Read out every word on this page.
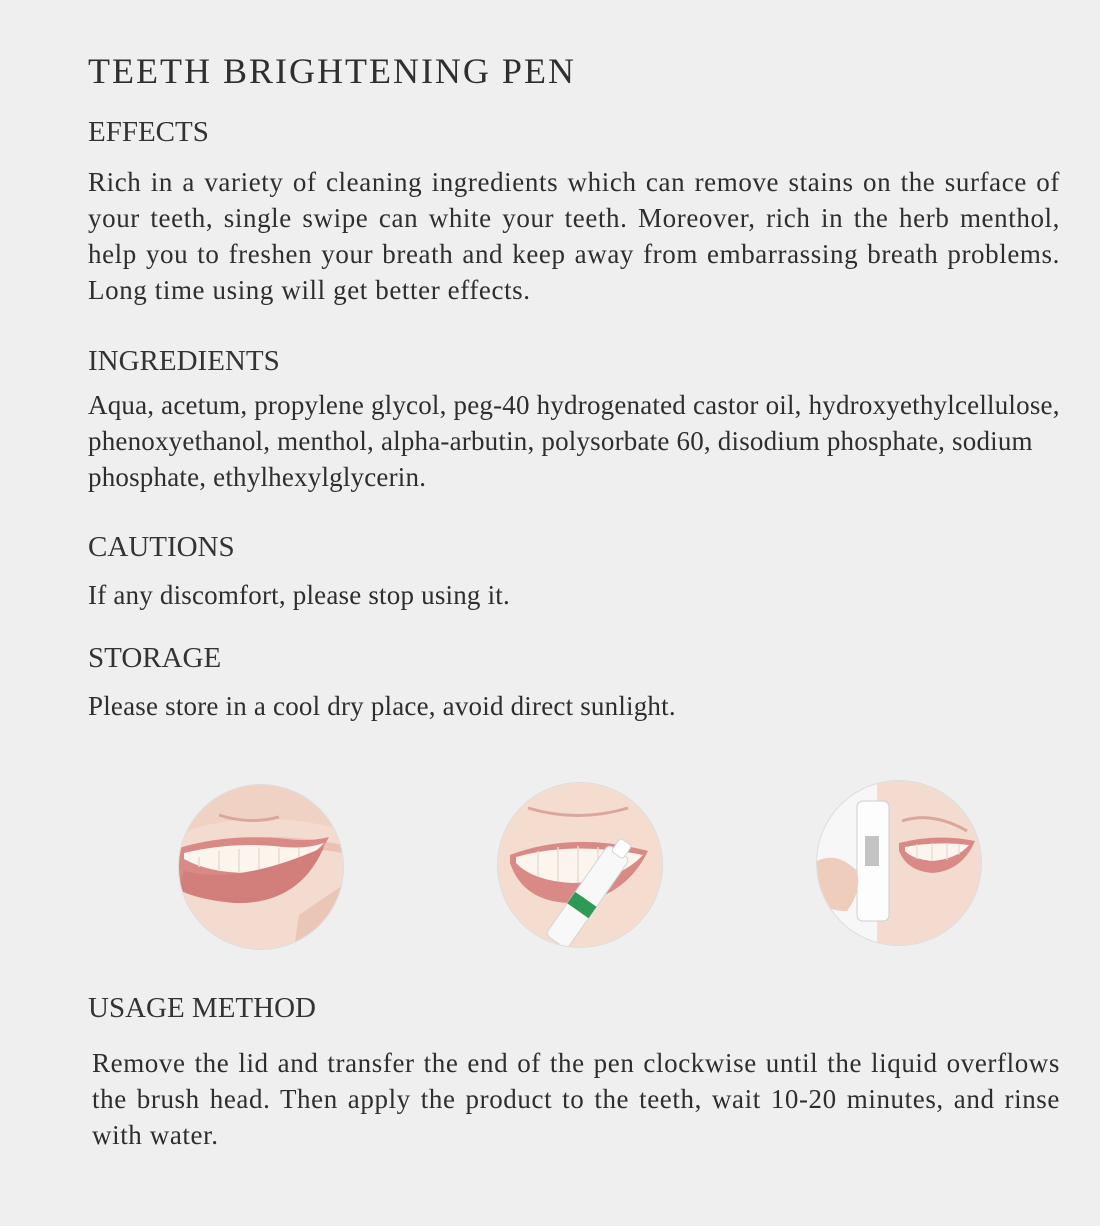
TEETH BRIGHTENING PEN
EFFECTS
Rich in a variety of cleaning ingredients which can remove stains on the surface of your teeth, single swipe can white your teeth. Moreover, rich in the herb menthol, help you to freshen your breath and keep away from embarrassing breath problems. Long time using will get better effects.
INGREDIENTS
Aqua, acetum, propylene glycol, peg-40 hydrogenated castor oil, hydroxyethylcellulose, phenoxyethanol, menthol, alpha-arbutin, polysorbate 60, disodium phosphate, sodium phosphate, ethylhexylglycerin.
CAUTIONS
If any discomfort, please stop using it.
STORAGE
Please store in a cool dry place, avoid direct sunlight.
USAGE METHOD
Remove the lid and transfer the end of the pen clockwise until the liquid overflows the brush head. Then apply the product to the teeth, wait 10-20 minutes, and rinse with water.
